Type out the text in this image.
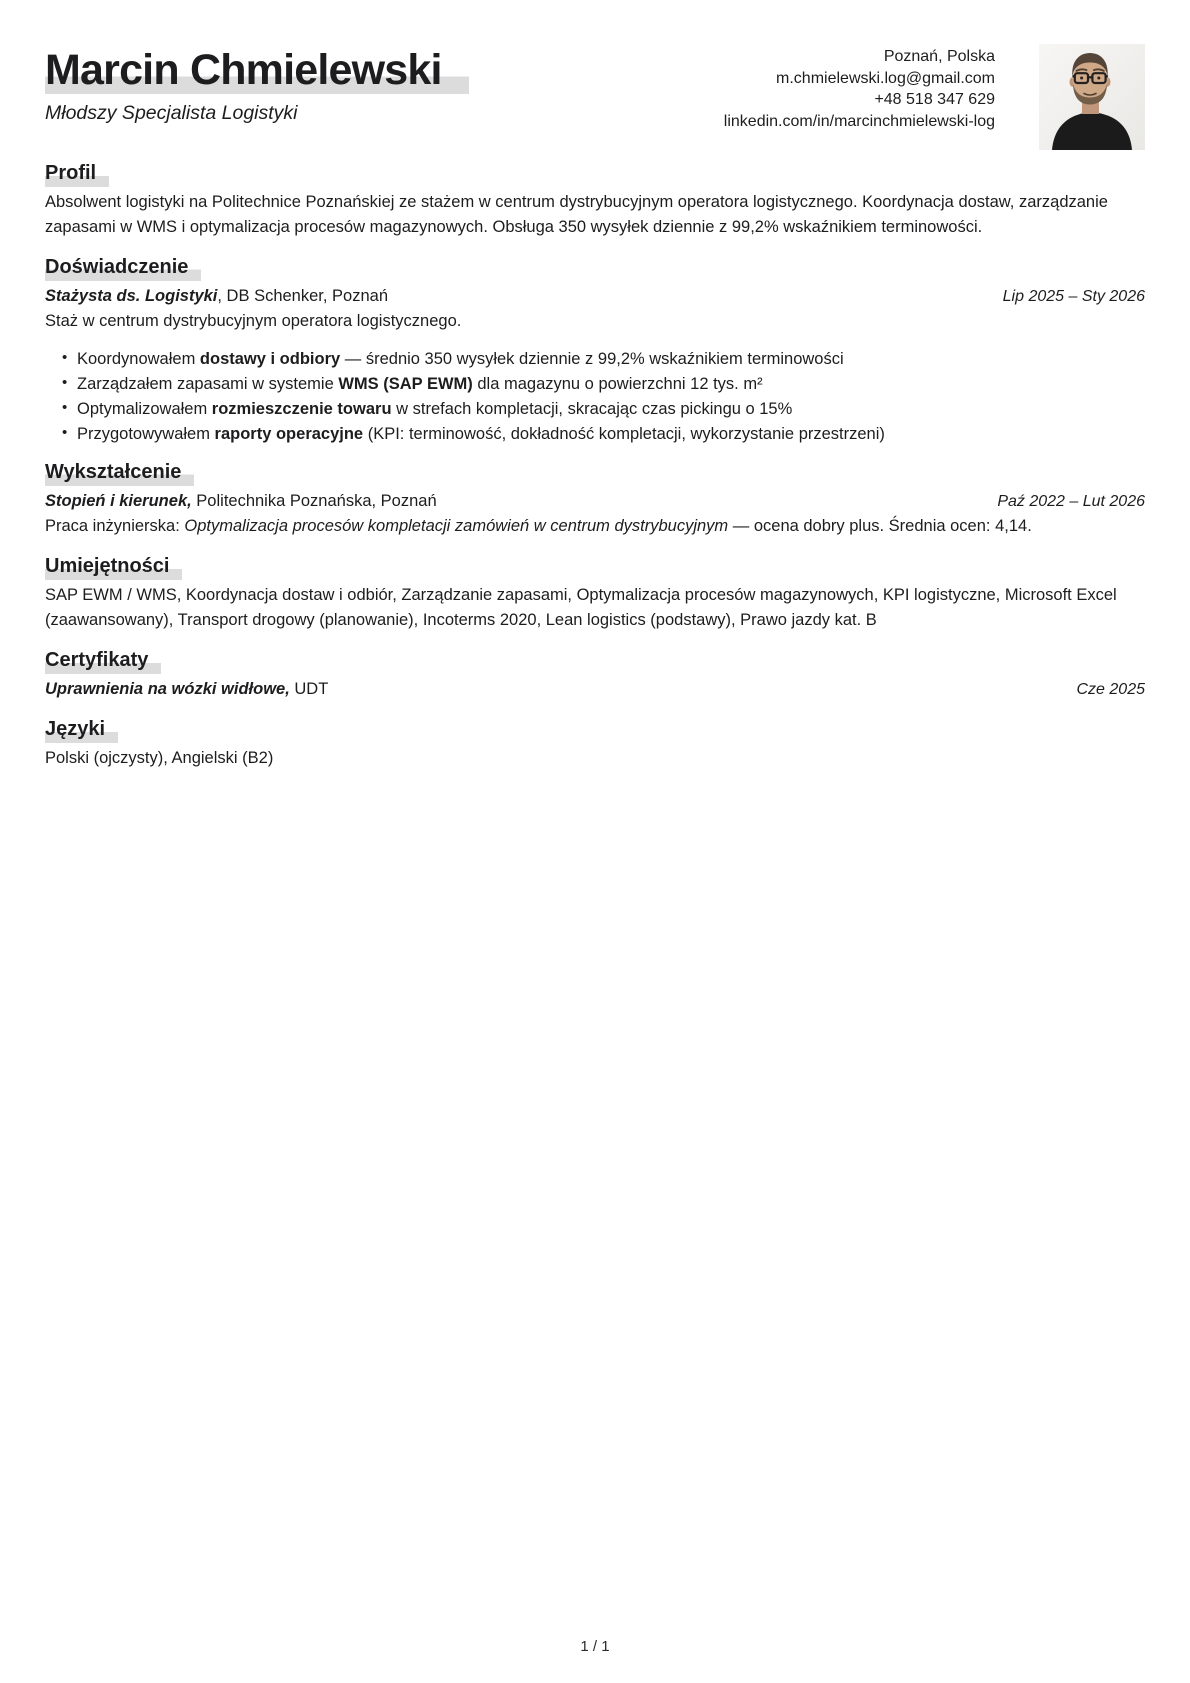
Marcin Chmielewski
Młodszy Specjalista Logistyki
Poznań, Polska
m.chmielewski.log@gmail.com
+48 518 347 629
linkedin.com/in/marcinchmielewski-log
Profil

Absolwent logistyki na Politechnice Poznańskiej ze stażem w centrum dystrybucyjnym operatora logistycznego. Koordynacja dostaw, zarządzanie zapasami w WMS i optymalizacja procesów magazynowych. Obsługa 350 wysyłek dziennie z 99,2% wskaźnikiem terminowości.

Doświadczenie
Stażysta ds. Logistyki, DB Schenker, Poznań	Lip 2025 – Sty 2026

Staż w centrum dystrybucyjnym operatora logistycznego.

• Koordynowałem dostawy i odbiory — średnio 350 wysyłek dziennie z 99,2% wskaźnikiem terminowości
• Zarządzałem zapasami w systemie WMS (SAP EWM) dla magazynu o powierzchni 12 tys. m²
• Optymalizowałem rozmieszczenie towaru w strefach kompletacji, skracając czas pickingu o 15%
• Przygotowywałem raporty operacyjne (KPI: terminowość, dokładność kompletacji, wykorzystanie przestrzeni)
Wykształcenie
Stopień i kierunek, Politechnika Poznańska, Poznań	Paź 2022 – Lut 2026

Praca inżynierska: Optymalizacja procesów kompletacji zamówień w centrum dystrybucyjnym — ocena dobry plus. Średnia ocen: 4,14.

Umiejętności

SAP EWM / WMS, Koordynacja dostaw i odbiór, Zarządzanie zapasami, Optymalizacja procesów magazynowych, KPI logistyczne, Microsoft Excel (zaawansowany), Transport drogowy (planowanie), Incoterms 2020, Lean logistics (podstawy), Prawo jazdy kat. B

Certyfikaty
Uprawnienia na wózki widłowe, UDT	Cze 2025
Języki

Polski (ojczysty), Angielski (B2)

1 / 1
